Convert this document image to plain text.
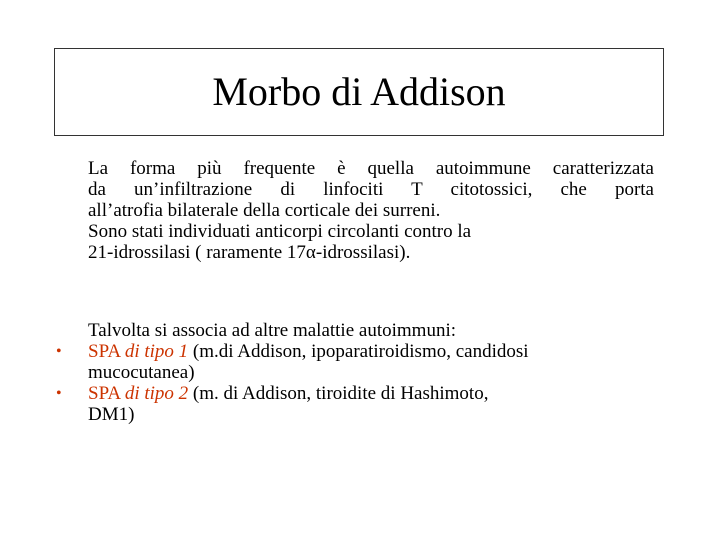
Morbo di Addison
La forma più frequente è quella autoimmune caratterizzata
da un’infiltrazione di linfociti T citotossici, che porta
all’atrofia bilaterale della corticale dei surreni.
Sono stati individuati anticorpi circolanti contro la
21-idrossilasi ( raramente 17α-idrossilasi).
Talvolta si associa ad altre malattie autoimmuni:
• SPA di tipo 1 (m.di Addison, ipoparatiroidismo, candidosi
mucocutanea)
• SPA di tipo 2 (m. di Addison, tiroidite di Hashimoto,
DM1)
